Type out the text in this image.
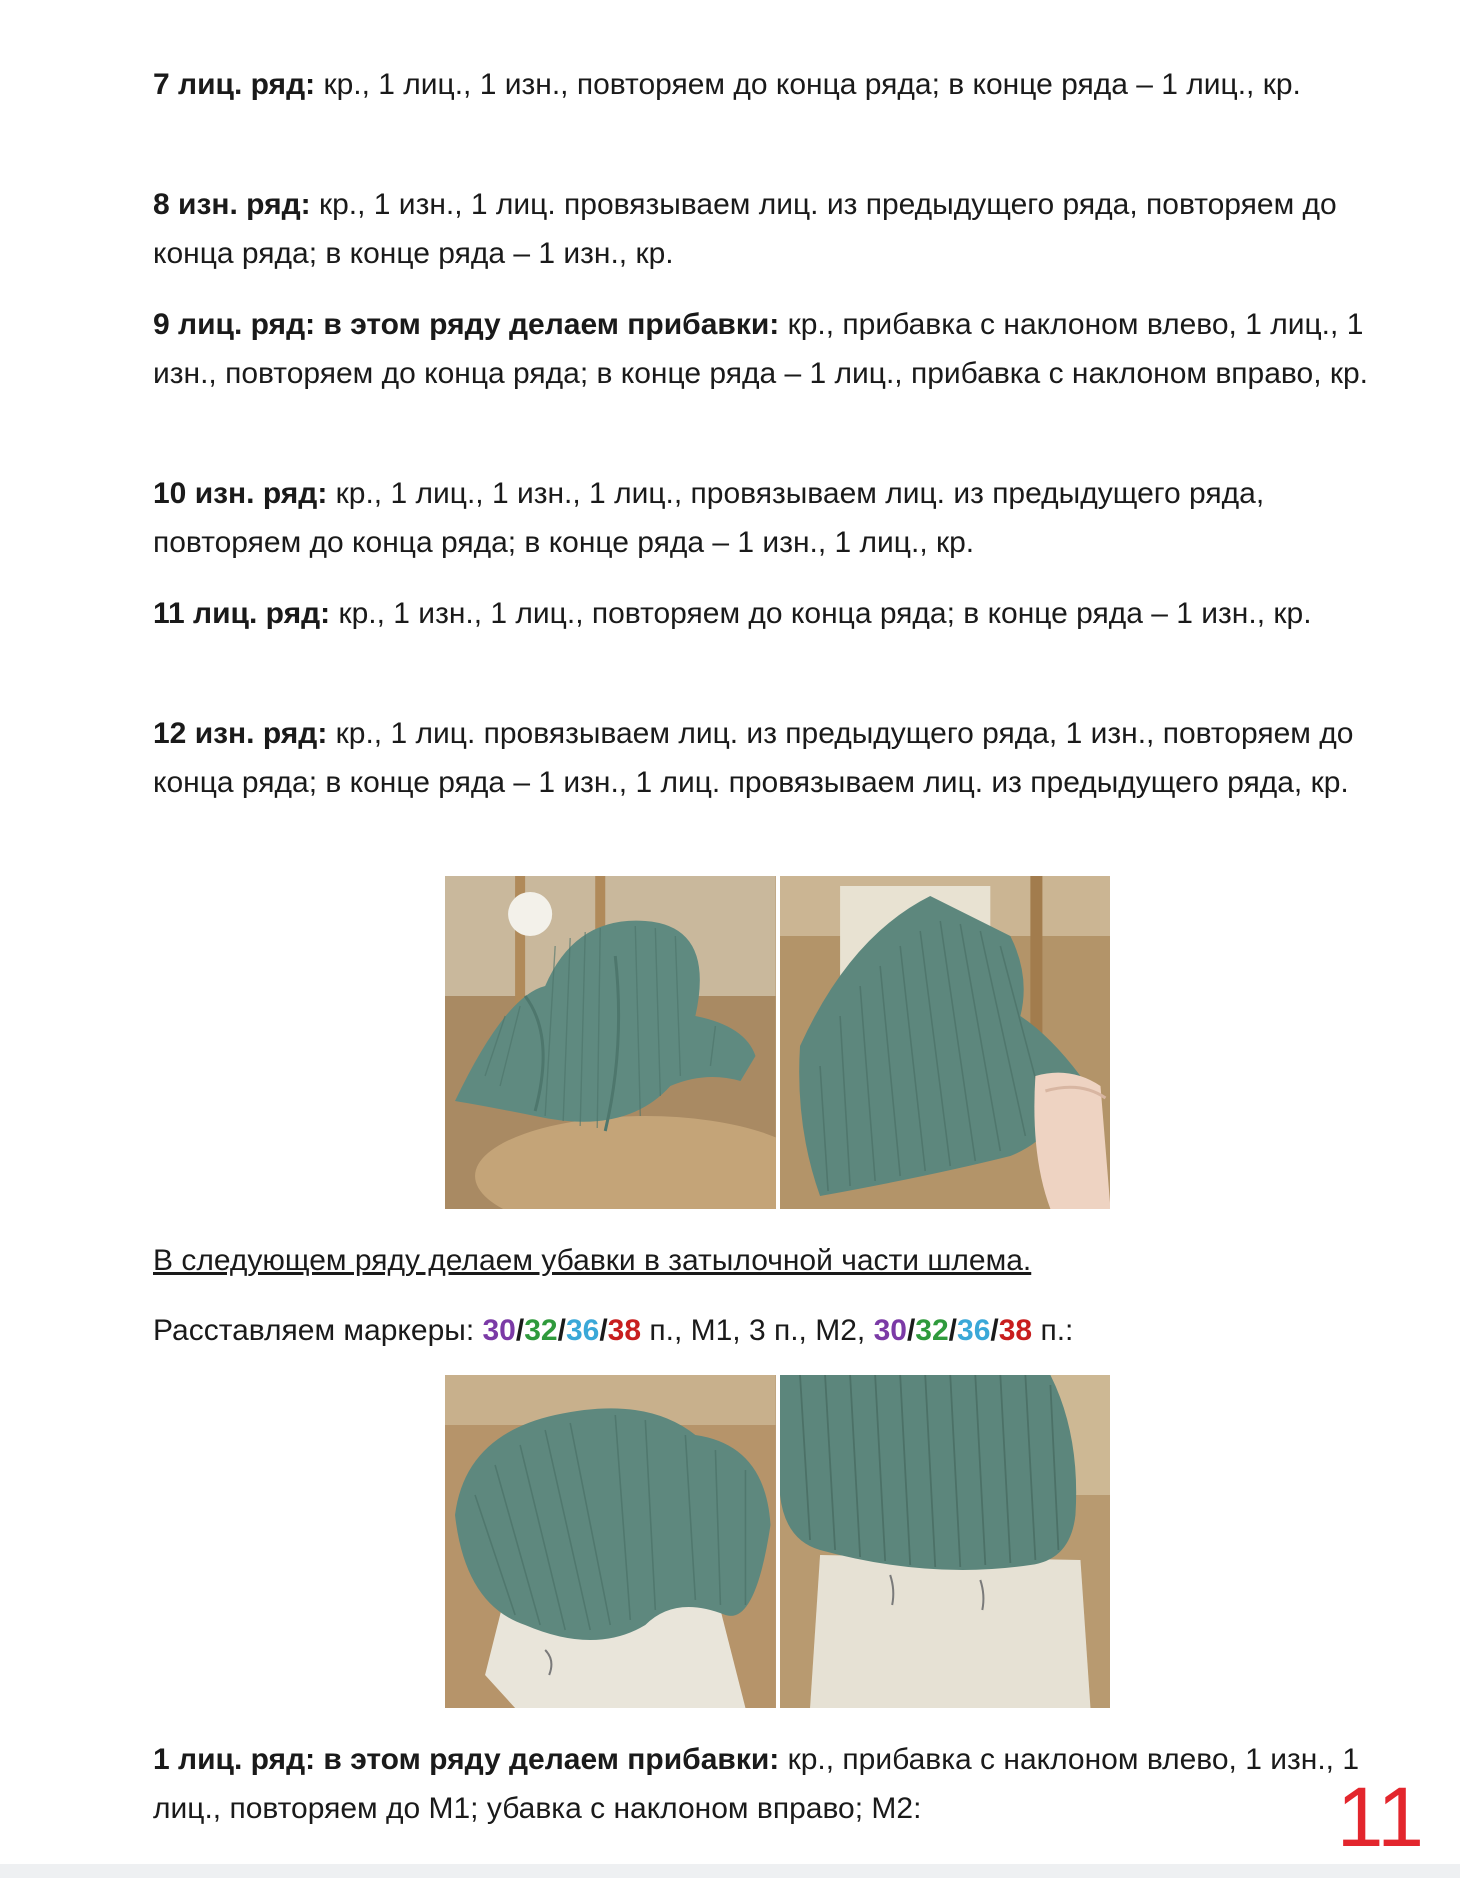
7 лиц. ряд: кр., 1 лиц., 1 изн., повторяем до конца ряда; в конце ряда – 1 лиц., кр.

8 изн. ряд: кр., 1 изн., 1 лиц. провязываем лиц. из предыдущего ряда, повторяем до конца ряда; в конце ряда – 1 изн., кр.

9 лиц. ряд: в этом ряду делаем прибавки: кр., прибавка с наклоном влево, 1 лиц., 1 изн., повторяем до конца ряда; в конце ряда – 1 лиц., прибавка с наклоном вправо, кр.

10 изн. ряд: кр., 1 лиц., 1 изн., 1 лиц., провязываем лиц. из предыдущего ряда, повторяем до конца ряда; в конце ряда – 1 изн., 1 лиц., кр.

11 лиц. ряд: кр., 1 изн., 1 лиц., повторяем до конца ряда; в конце ряда – 1 изн., кр.

12 изн. ряд: кр., 1 лиц. провязываем лиц. из предыдущего ряда, 1 изн., повторяем до конца ряда; в конце ряда – 1 изн., 1 лиц. провязываем лиц. из предыдущего ряда, кр.

В следующем ряду делаем убавки в затылочной части шлема.

Расставляем маркеры: 30/32/36/38 п., М1, 3 п., М2, 30/32/36/38 п.:

1 лиц. ряд: в этом ряду делаем прибавки: кр., прибавка с наклоном влево, 1 изн., 1 лиц., повторяем до М1; убавка с наклоном вправо; М2:	11
